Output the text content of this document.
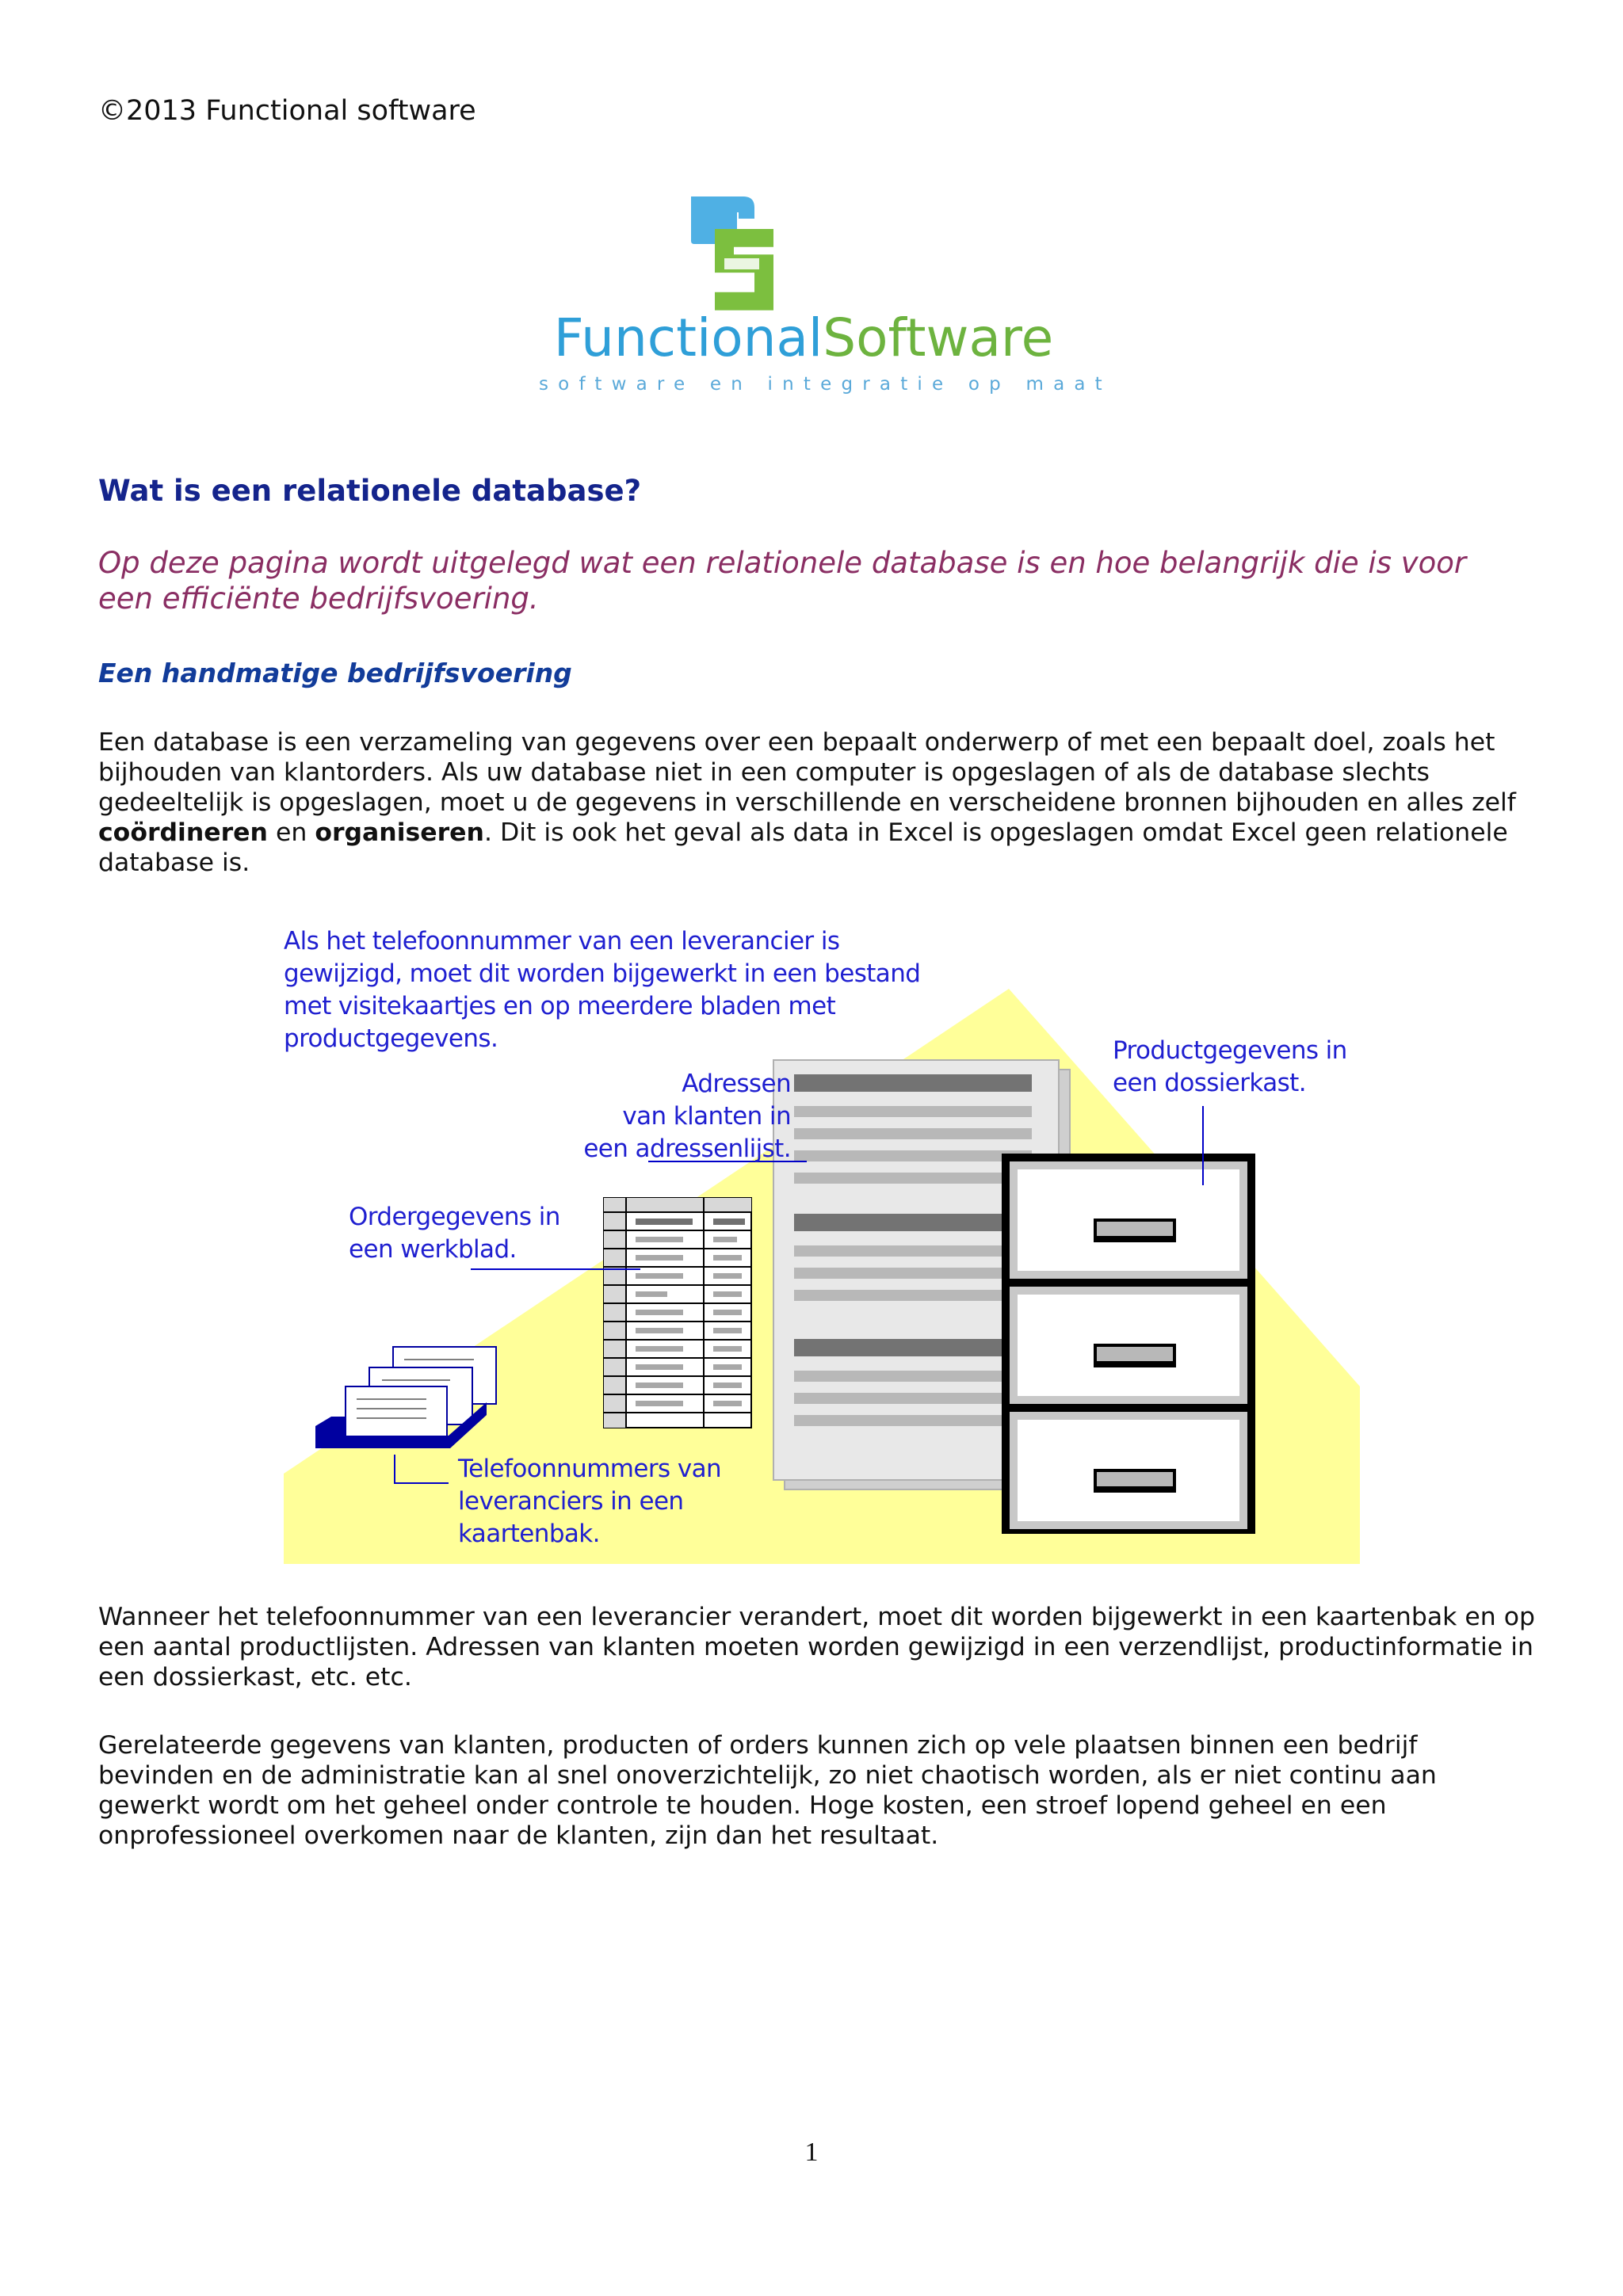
©2013 Functional software
FunctionalSoftware
software en integratie op maat
Wat is een relationele database?
Op deze pagina wordt uitgelegd wat een relationele database is en hoe belangrijk die is voor een efficiënte bedrijfsvoering.
Een handmatige bedrijfsvoering
Een database is een verzameling van gegevens over een bepaalt onderwerp of met een bepaalt doel, zoals het bijhouden van klantorders. Als uw database niet in een computer is opgeslagen of als de database slechts gedeeltelijk is opgeslagen, moet u de gegevens in verschillende en verscheidene bronnen bijhouden en alles zelf coördineren en organiseren. Dit is ook het geval als data in Excel is opgeslagen omdat Excel geen relationele database is.
Als het telefoonnummer van een leverancier is
gewijzigd, moet dit worden bijgewerkt in een bestand
met visitekaartjes en op meerdere bladen met
productgegevens.
Adressen
van klanten in
een adressenlijst.
Ordergegevens in
een werkblad.
Productgegevens in
een dossierkast.
Telefoonnummers van
leveranciers in een
kaartenbak.
Wanneer het telefoonnummer van een leverancier verandert, moet dit worden bijgewerkt in een kaartenbak en op een aantal productlijsten. Adressen van klanten moeten worden gewijzigd in een verzendlijst, productinformatie in een dossierkast, etc. etc.
Gerelateerde gegevens van klanten, producten of orders kunnen zich op vele plaatsen binnen een bedrijf bevinden en de administratie kan al snel onoverzichtelijk, zo niet chaotisch worden, als er niet continu aan gewerkt wordt om het geheel onder controle te houden. Hoge kosten, een stroef lopend geheel en een onprofessioneel overkomen naar de klanten, zijn dan het resultaat.
1
